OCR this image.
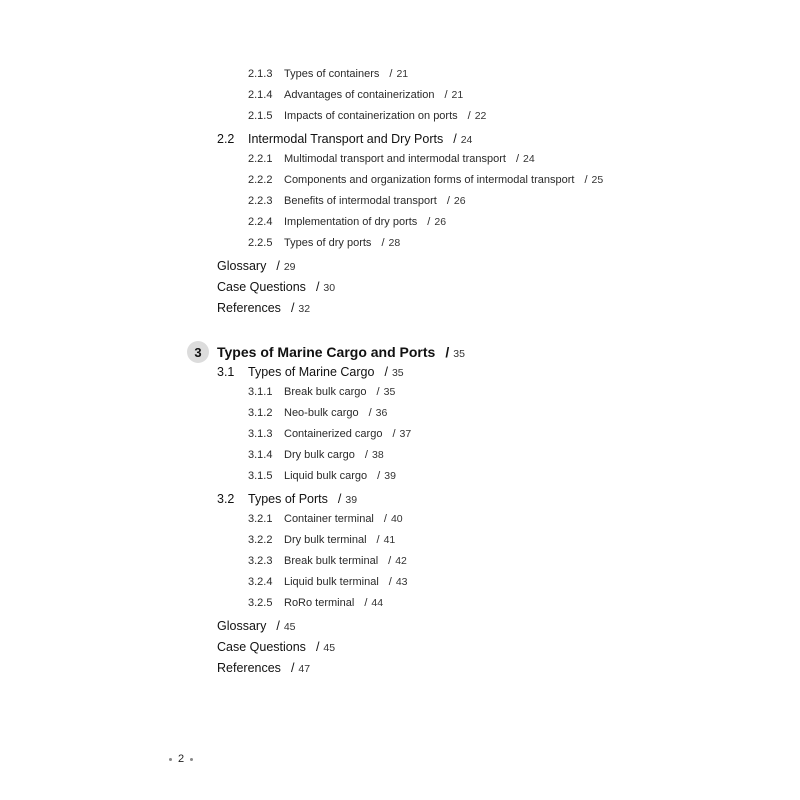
2.1.3 Types of containers / 21
2.1.4 Advantages of containerization / 21
2.1.5 Impacts of containerization on ports / 22
2.2 Intermodal Transport and Dry Ports / 24
2.2.1 Multimodal transport and intermodal transport / 24
2.2.2 Components and organization forms of intermodal transport / 25
2.2.3 Benefits of intermodal transport / 26
2.2.4 Implementation of dry ports / 26
2.2.5 Types of dry ports / 28
Glossary / 29
Case Questions / 30
References / 32
3	Types of Marine Cargo and Ports / 35
3.1 Types of Marine Cargo / 35
3.1.1 Break bulk cargo / 35
3.1.2 Neo-bulk cargo / 36
3.1.3 Containerized cargo / 37
3.1.4 Dry bulk cargo / 38
3.1.5 Liquid bulk cargo / 39
3.2 Types of Ports / 39
3.2.1 Container terminal / 40
3.2.2 Dry bulk terminal / 41
3.2.3 Break bulk terminal / 42
3.2.4 Liquid bulk terminal / 43
3.2.5 RoRo terminal / 44
Glossary / 45
Case Questions / 45
References / 47
2
